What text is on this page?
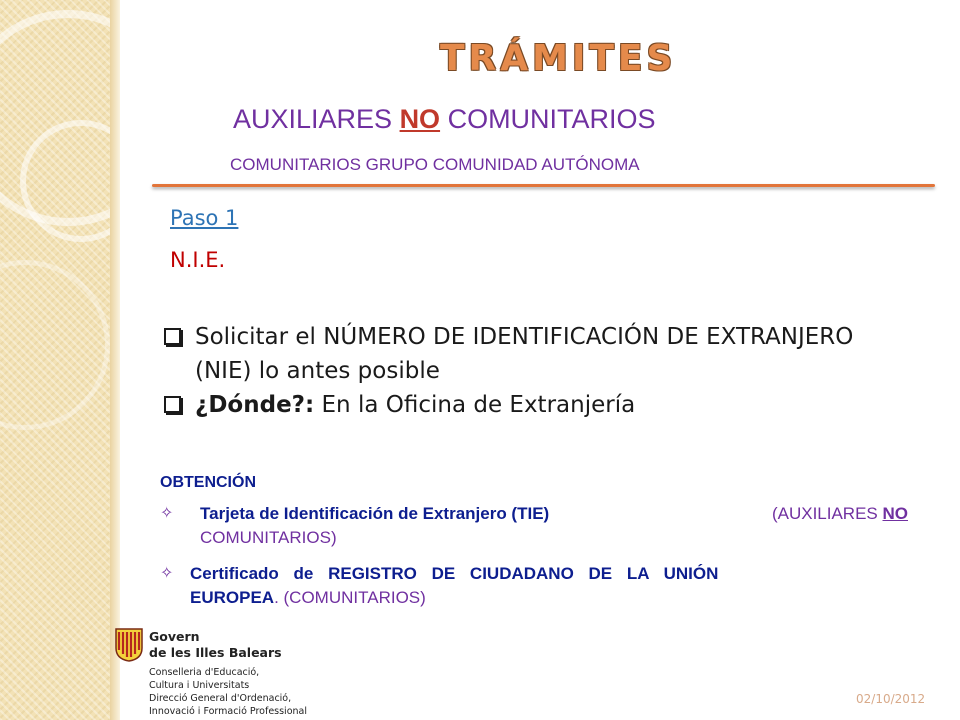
TRÁMITES
AUXILIARES NO COMUNITARIOS
COMUNITARIOS GRUPO COMUNIDAD AUTÓNOMA
Paso 1
N.I.E.
Solicitar el NÚMERO DE IDENTIFICACIÓN DE EXTRANJERO (NIE) lo antes posible
¿Dónde?: En la Oficina de Extranjería
OBTENCIÓN
✧ Tarjeta de Identificación de Extranjero (TIE)	(AUXILIARES NO
COMUNITARIOS)
✧ Certificado de REGISTRO DE CIUDADANO DE LA UNIÓN
EUROPEA. (COMUNITARIOS)
Govern
de les Illes Balears
Conselleria d'Educació,
Cultura i Universitats
Direcció General d'Ordenació,
Innovació i Formació Professional
02/10/2012
